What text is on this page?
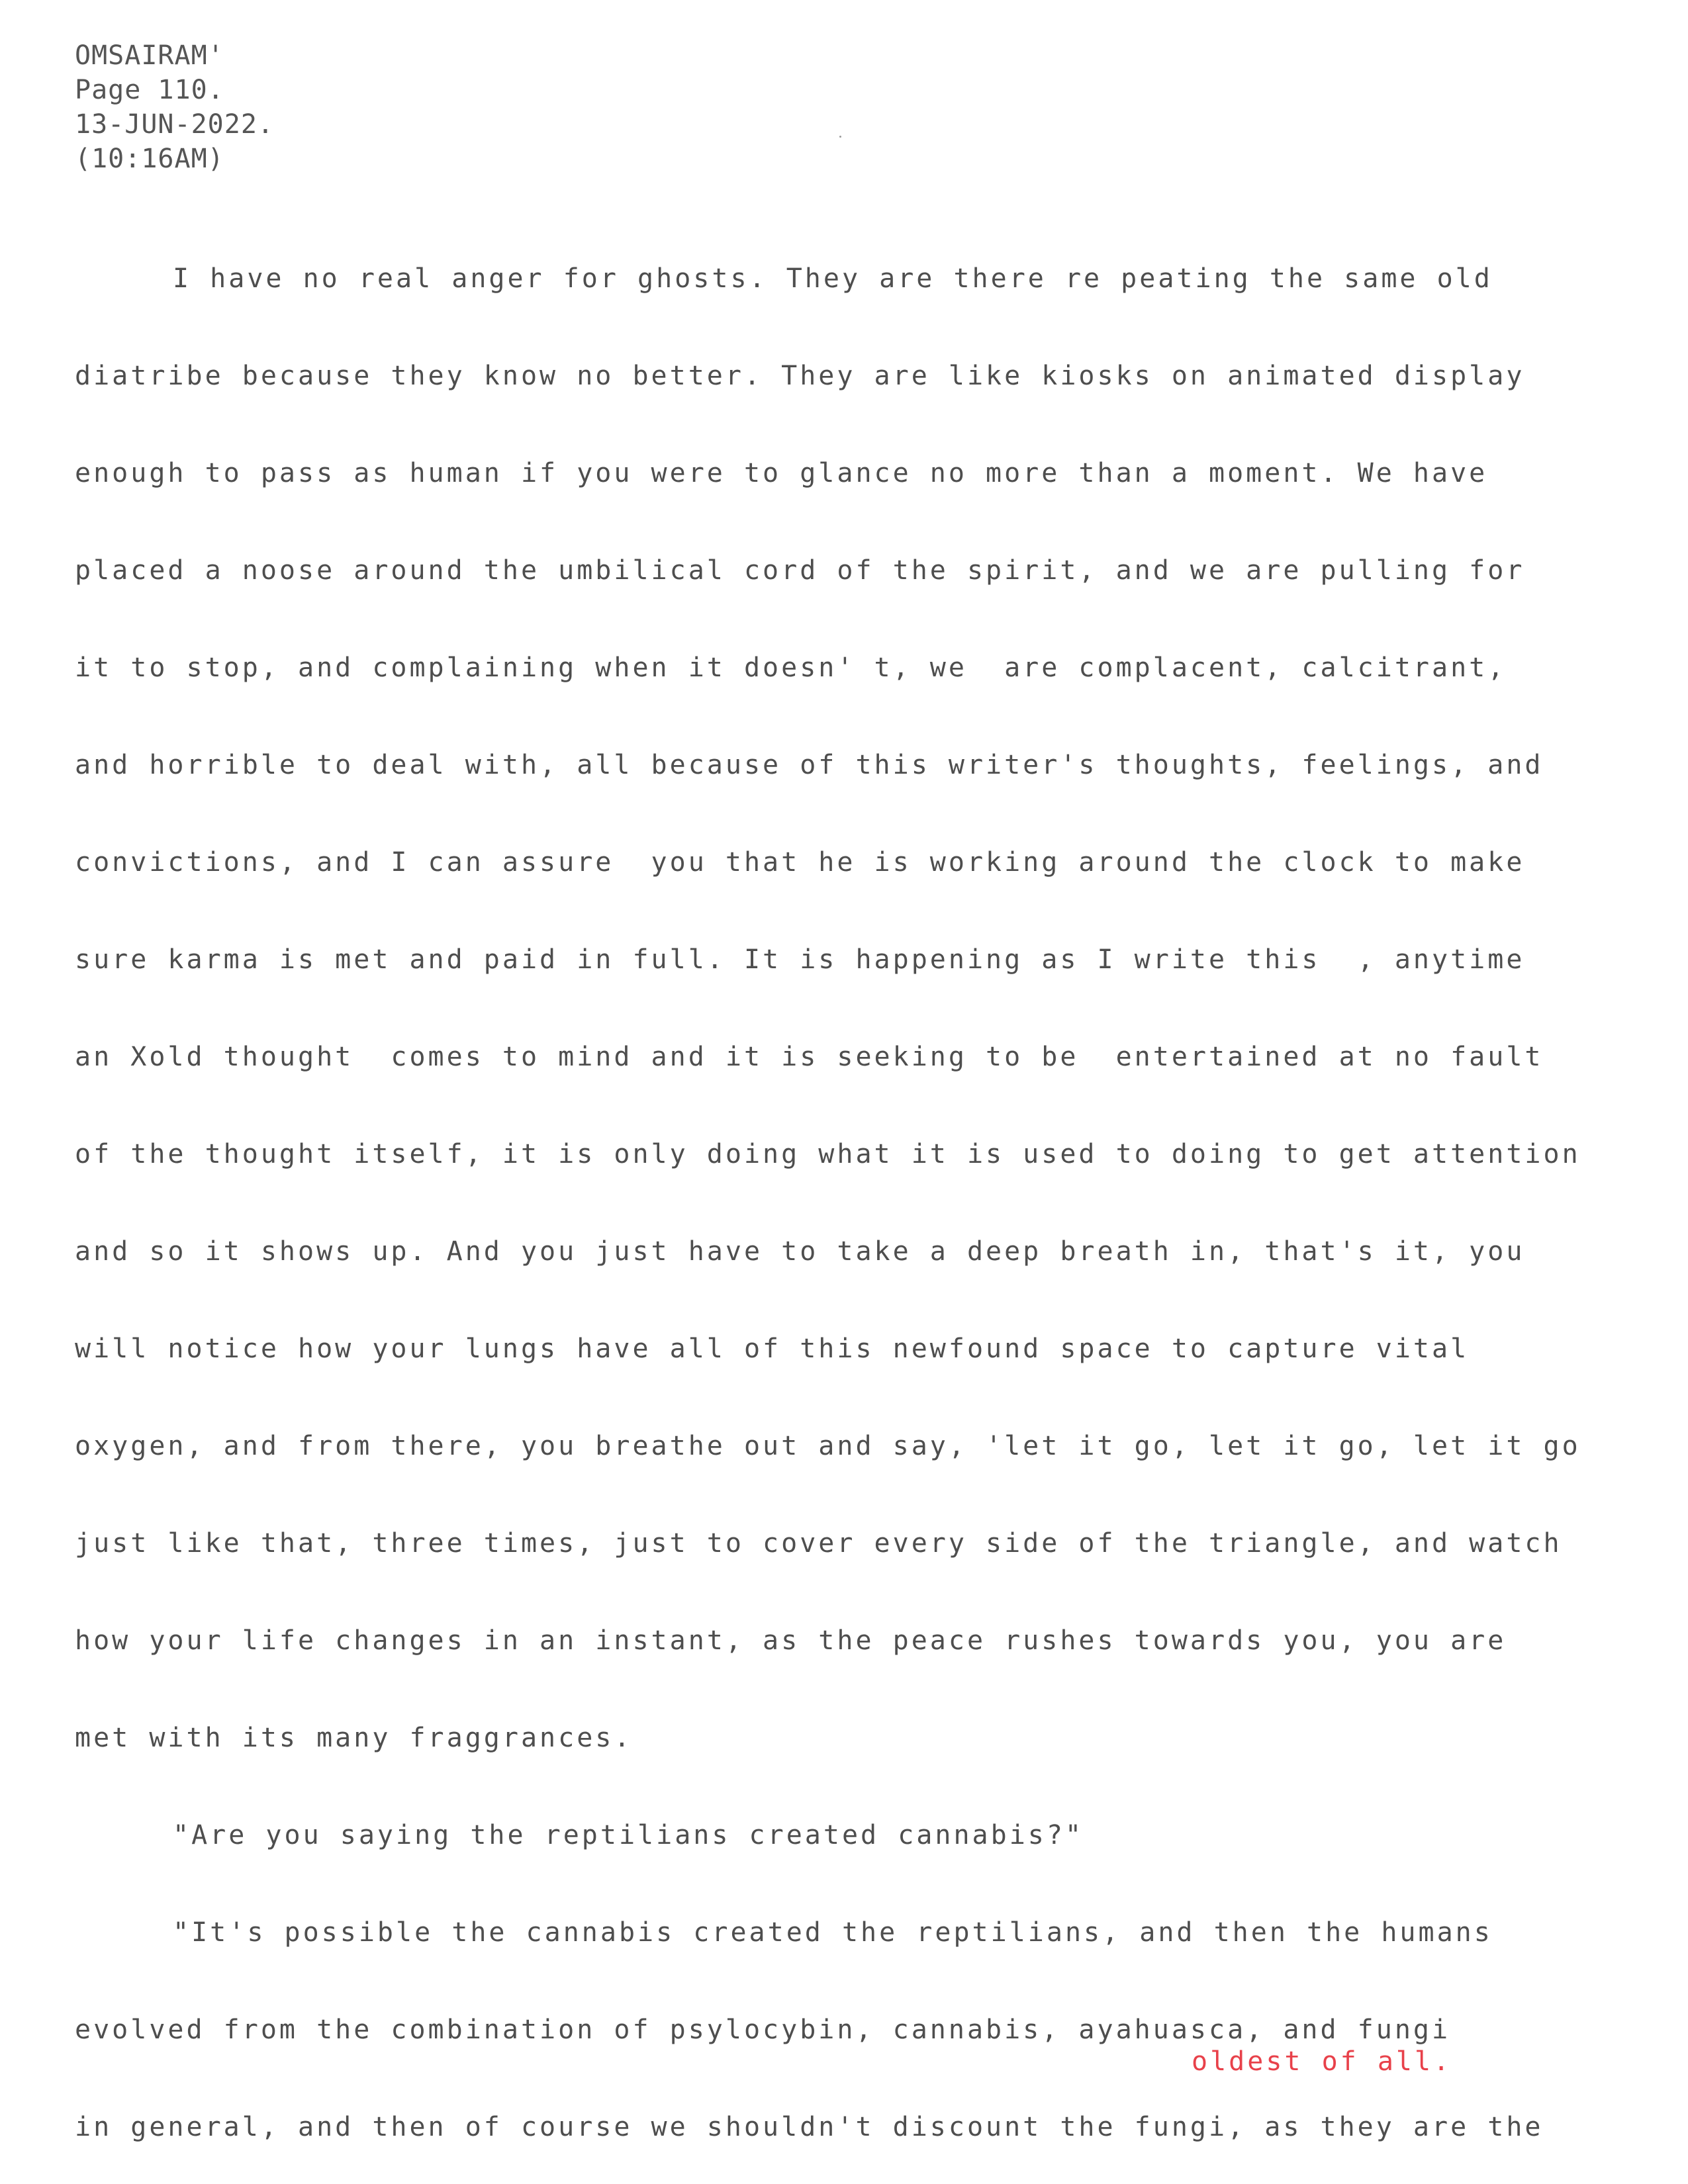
OMSAIRAM'
Page 110.
13-JUN-2022.
(10:16AM)
I have no real anger for ghosts. They are there re peating the same old
diatribe because they know no better. They are like kiosks on animated display
enough to pass as human if you were to glance no more than a moment. We have
placed a noose around the umbilical cord of the spirit, and we are pulling for
it to stop, and complaining when it doesn' t, we  are complacent, calcitrant,
and horrible to deal with, all because of this writer's thoughts, feelings, and
convictions, and I can assure  you that he is working around the clock to make
sure karma is met and paid in full. It is happening as I write this  , anytime
an Xold thought  comes to mind and it is seeking to be  entertained at no fault
of the thought itself, it is only doing what it is used to doing to get attention
and so it shows up. And you just have to take a deep breath in, that's it, you
will notice how your lungs have all of this newfound space to capture vital
oxygen, and from there, you breathe out and say, 'let it go, let it go, let it go
just like that, three times, just to cover every side of the triangle, and watch
how your life changes in an instant, as the peace rushes towards you, you are
met with its many fraggrances.
"Are you saying the reptilians created cannabis?"
"It's possible the cannabis created the reptilians, and then the humans
evolved from the combination of psylocybin, cannabis, ayahuasca, and fungi
in general, and then of course we shouldn't discount the fungi, as they are the
oldest of all.
